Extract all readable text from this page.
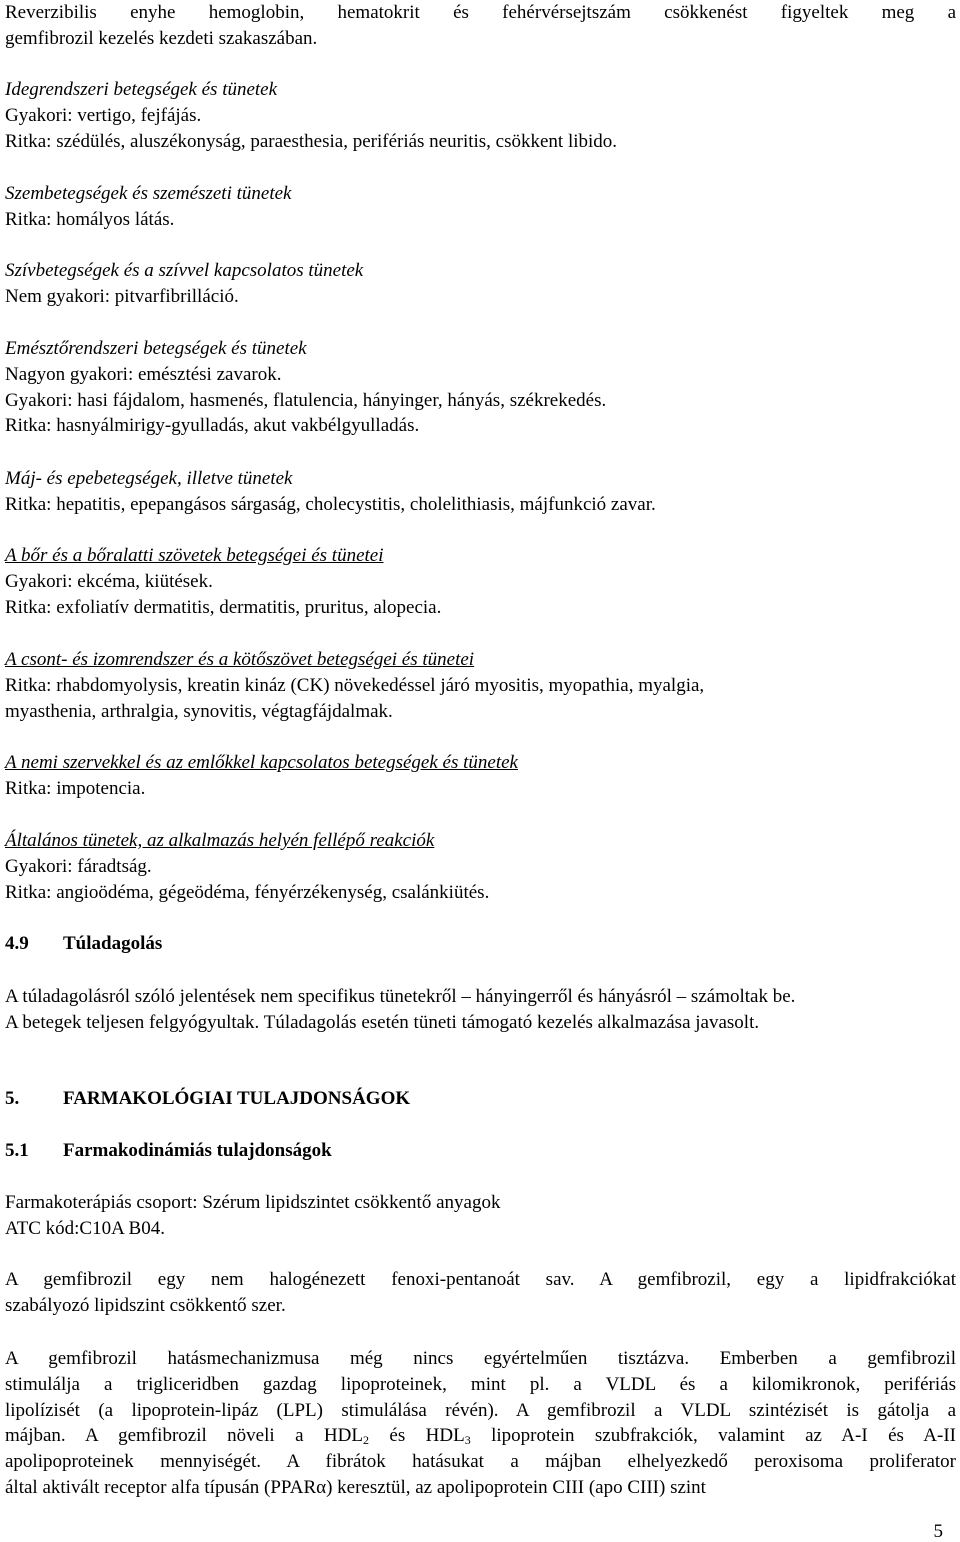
Reverzibilis enyhe hemoglobin, hematokrit és fehérvérsejtszám csökkenést figyeltek meg a
gemfibrozil kezelés kezdeti szakaszában.
Idegrendszeri betegségek és tünetek
Gyakori: vertigo, fejfájás.
Ritka: szédülés, aluszékonyság, paraesthesia, perifériás neuritis, csökkent libido.
Szembetegségek és szemészeti tünetek
Ritka: homályos látás.
Szívbetegségek és a szívvel kapcsolatos tünetek
Nem gyakori: pitvarfibrilláció.
Emésztőrendszeri betegségek és tünetek
Nagyon gyakori: emésztési zavarok.
Gyakori: hasi fájdalom, hasmenés, flatulencia, hányinger, hányás, székrekedés.
Ritka: hasnyálmirigy-gyulladás, akut vakbélgyulladás.
Máj- és epebetegségek, illetve tünetek
Ritka: hepatitis, epepangásos sárgaság, cholecystitis, cholelithiasis, májfunkció zavar.
A bőr és a bőralatti szövetek betegségei és tünetei
Gyakori: ekcéma, kiütések.
Ritka: exfoliatív dermatitis, dermatitis, pruritus, alopecia.
A csont- és izomrendszer és a kötőszövet betegségei és tünetei
Ritka: rhabdomyolysis, kreatin kináz (CK) növekedéssel járó myositis, myopathia, myalgia,
myasthenia, arthralgia, synovitis, végtagfájdalmak.
A nemi szervekkel és az emlőkkel kapcsolatos betegségek és tünetek
Ritka: impotencia.
Általános tünetek, az alkalmazás helyén fellépő reakciók
Gyakori: fáradtság.
Ritka: angioödéma, gégeödéma, fényérzékenység, csalánkiütés.
4.9 Túladagolás
A túladagolásról szóló jelentések nem specifikus tünetekről – hányingerről és hányásról – számoltak be.
A betegek teljesen felgyógyultak. Túladagolás esetén tüneti támogató kezelés alkalmazása javasolt.
5. FARMAKOLÓGIAI TULAJDONSÁGOK
5.1 Farmakodinámiás tulajdonságok
Farmakoterápiás csoport: Szérum lipidszintet csökkentő anyagok
ATC kód:C10A B04.
A gemfibrozil egy nem halogénezett fenoxi-pentanoát sav. A gemfibrozil, egy a lipidfrakciókat
szabályozó lipidszint csökkentő szer.
A gemfibrozil hatásmechanizmusa még nincs egyértelműen tisztázva. Emberben a gemfibrozil
stimulálja a trigliceridben gazdag lipoproteinek, mint pl. a VLDL és a kilomikronok, perifériás
lipolízisét (a lipoprotein-lipáz (LPL) stimulálása révén). A gemfibrozil a VLDL szintézisét is gátolja a
májban. A gemfibrozil növeli a $HDL_2$ és $HDL_3$ lipoprotein szubfrakciók, valamint az A-I és A-II
apolipoproteinek mennyiségét. A fibrátok hatásukat a májban elhelyezkedő peroxisoma proliferator
által aktivált receptor alfa típusán (PPARα) keresztül, az apolipoprotein CIII (apo CIII) szint
5
